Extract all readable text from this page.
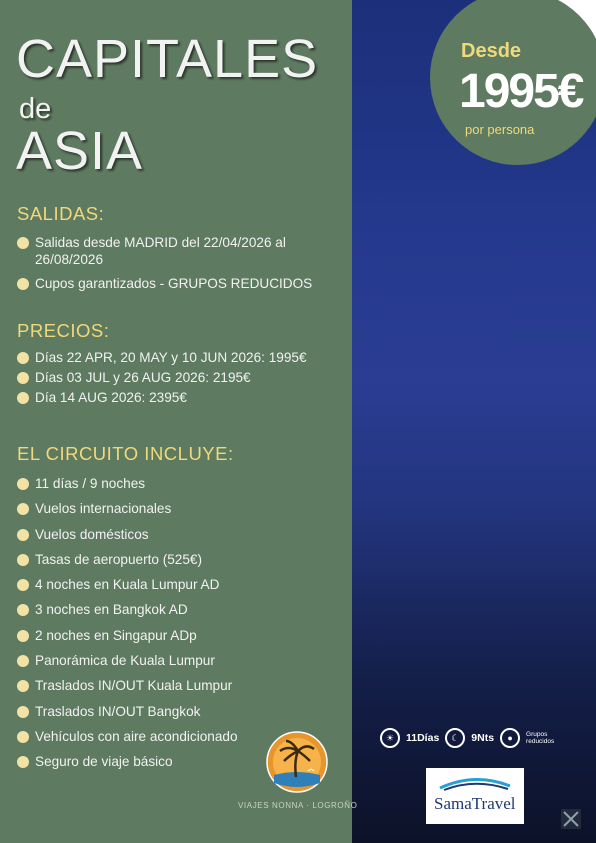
Desde
1995€
por persona
CAPITALES
de
ASIA
SALIDAS:
Salidas desde MADRID del 22/04/2026 al 26/08/2026
Cupos garantizados - GRUPOS REDUCIDOS
PRECIOS:
Días 22 APR, 20 MAY y 10 JUN 2026: 1995€
Días 03 JUL y 26 AUG 2026: 2195€
Día 14 AUG 2026: 2395€
EL CIRCUITO INCLUYE:
11 días / 9 noches
Vuelos internacionales
Vuelos domésticos
Tasas de aeropuerto (525€)
4 noches en Kuala Lumpur AD
3 noches en Bangkok AD
2 noches en Singapur ADp
Panorámica de Kuala Lumpur
Traslados IN/OUT Kuala Lumpur
Traslados IN/OUT Bangkok
Vehículos con aire acondicionado
Seguro de viaje básico
VIAJES NONNA · LOGROÑO
☀	11Días	☾	9Nts	●	Grupos reducidos
SamaTravel
